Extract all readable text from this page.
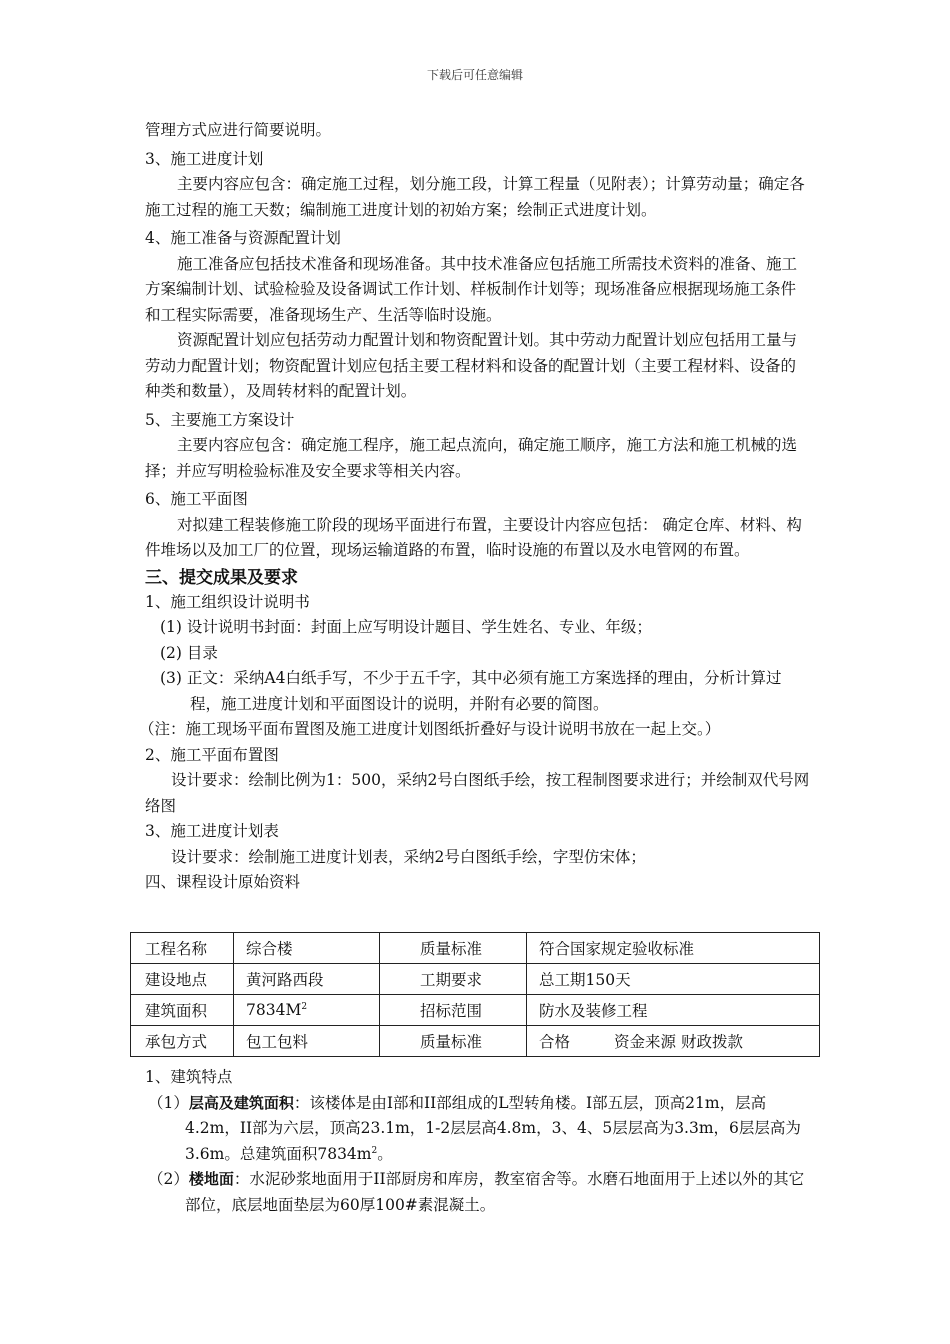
下载后可任意编辑

管理方式应进行简要说明。

3、施工进度计划

主要内容应包含：确定施工过程，划分施工段，计算工程量（见附表）；计算劳动量；确定各施工过程的施工天数；编制施工进度计划的初始方案；绘制正式进度计划。

4、施工准备与资源配置计划

施工准备应包括技术准备和现场准备。其中技术准备应包括施工所需技术资料的准备、施工方案编制计划、试验检验及设备调试工作计划、样板制作计划等；现场准备应根据现场施工条件和工程实际需要，准备现场生产、生活等临时设施。

资源配置计划应包括劳动力配置计划和物资配置计划。其中劳动力配置计划应包括用工量与劳动力配置计划；物资配置计划应包括主要工程材料和设备的配置计划（主要工程材料、设备的种类和数量），及周转材料的配置计划。

5、主要施工方案设计

主要内容应包含：确定施工程序，施工起点流向，确定施工顺序，施工方法和施工机械的选择；并应写明检验标准及安全要求等相关内容。

6、施工平面图

对拟建工程装修施工阶段的现场平面进行布置，主要设计内容应包括： 确定仓库、材料、构件堆场以及加工厂的位置，现场运输道路的布置，临时设施的布置以及水电管网的布置。

三、提交成果及要求

1、施工组织设计说明书

(1) 设计说明书封面：封面上应写明设计题目、学生姓名、专业、年级；

(2) 目录

(3) 正文：采纳A4白纸手写，不少于五千字，其中必须有施工方案选择的理由，分析计算过程，施工进度计划和平面图设计的说明，并附有必要的简图。

（注：施工现场平面布置图及施工进度计划图纸折叠好与设计说明书放在一起上交。）

2、施工平面布置图

设计要求：绘制比例为1：500，采纳2号白图纸手绘，按工程制图要求进行；并绘制双代号网络图

3、施工进度计划表

设计要求：绘制施工进度计划表，采纳2号白图纸手绘，字型仿宋体；

四、课程设计原始资料

工程名称	综合楼	质量标准	符合国家规定验收标准
建设地点	黄河路西段	工期要求	总工期150天
建筑面积	$7834M^2$	招标范围	防水及装修工程
承包方式	包工包料	质量标准	合格 资金来源 财政拨款

1、建筑特点

（1）层高及建筑面积：该楼体是由I部和II部组成的L型转角楼。I部五层，顶高21m，层高4.2m，II部为六层，顶高23.1m，1-2层层高4.8m，3、4、5层层高为3.3m，6层层高为3.6m。总建筑面积$7834m^2$。

（2）楼地面：水泥砂浆地面用于II部厨房和库房，教室宿舍等。水磨石地面用于上述以外的其它部位，底层地面垫层为60厚100#素混凝土。
